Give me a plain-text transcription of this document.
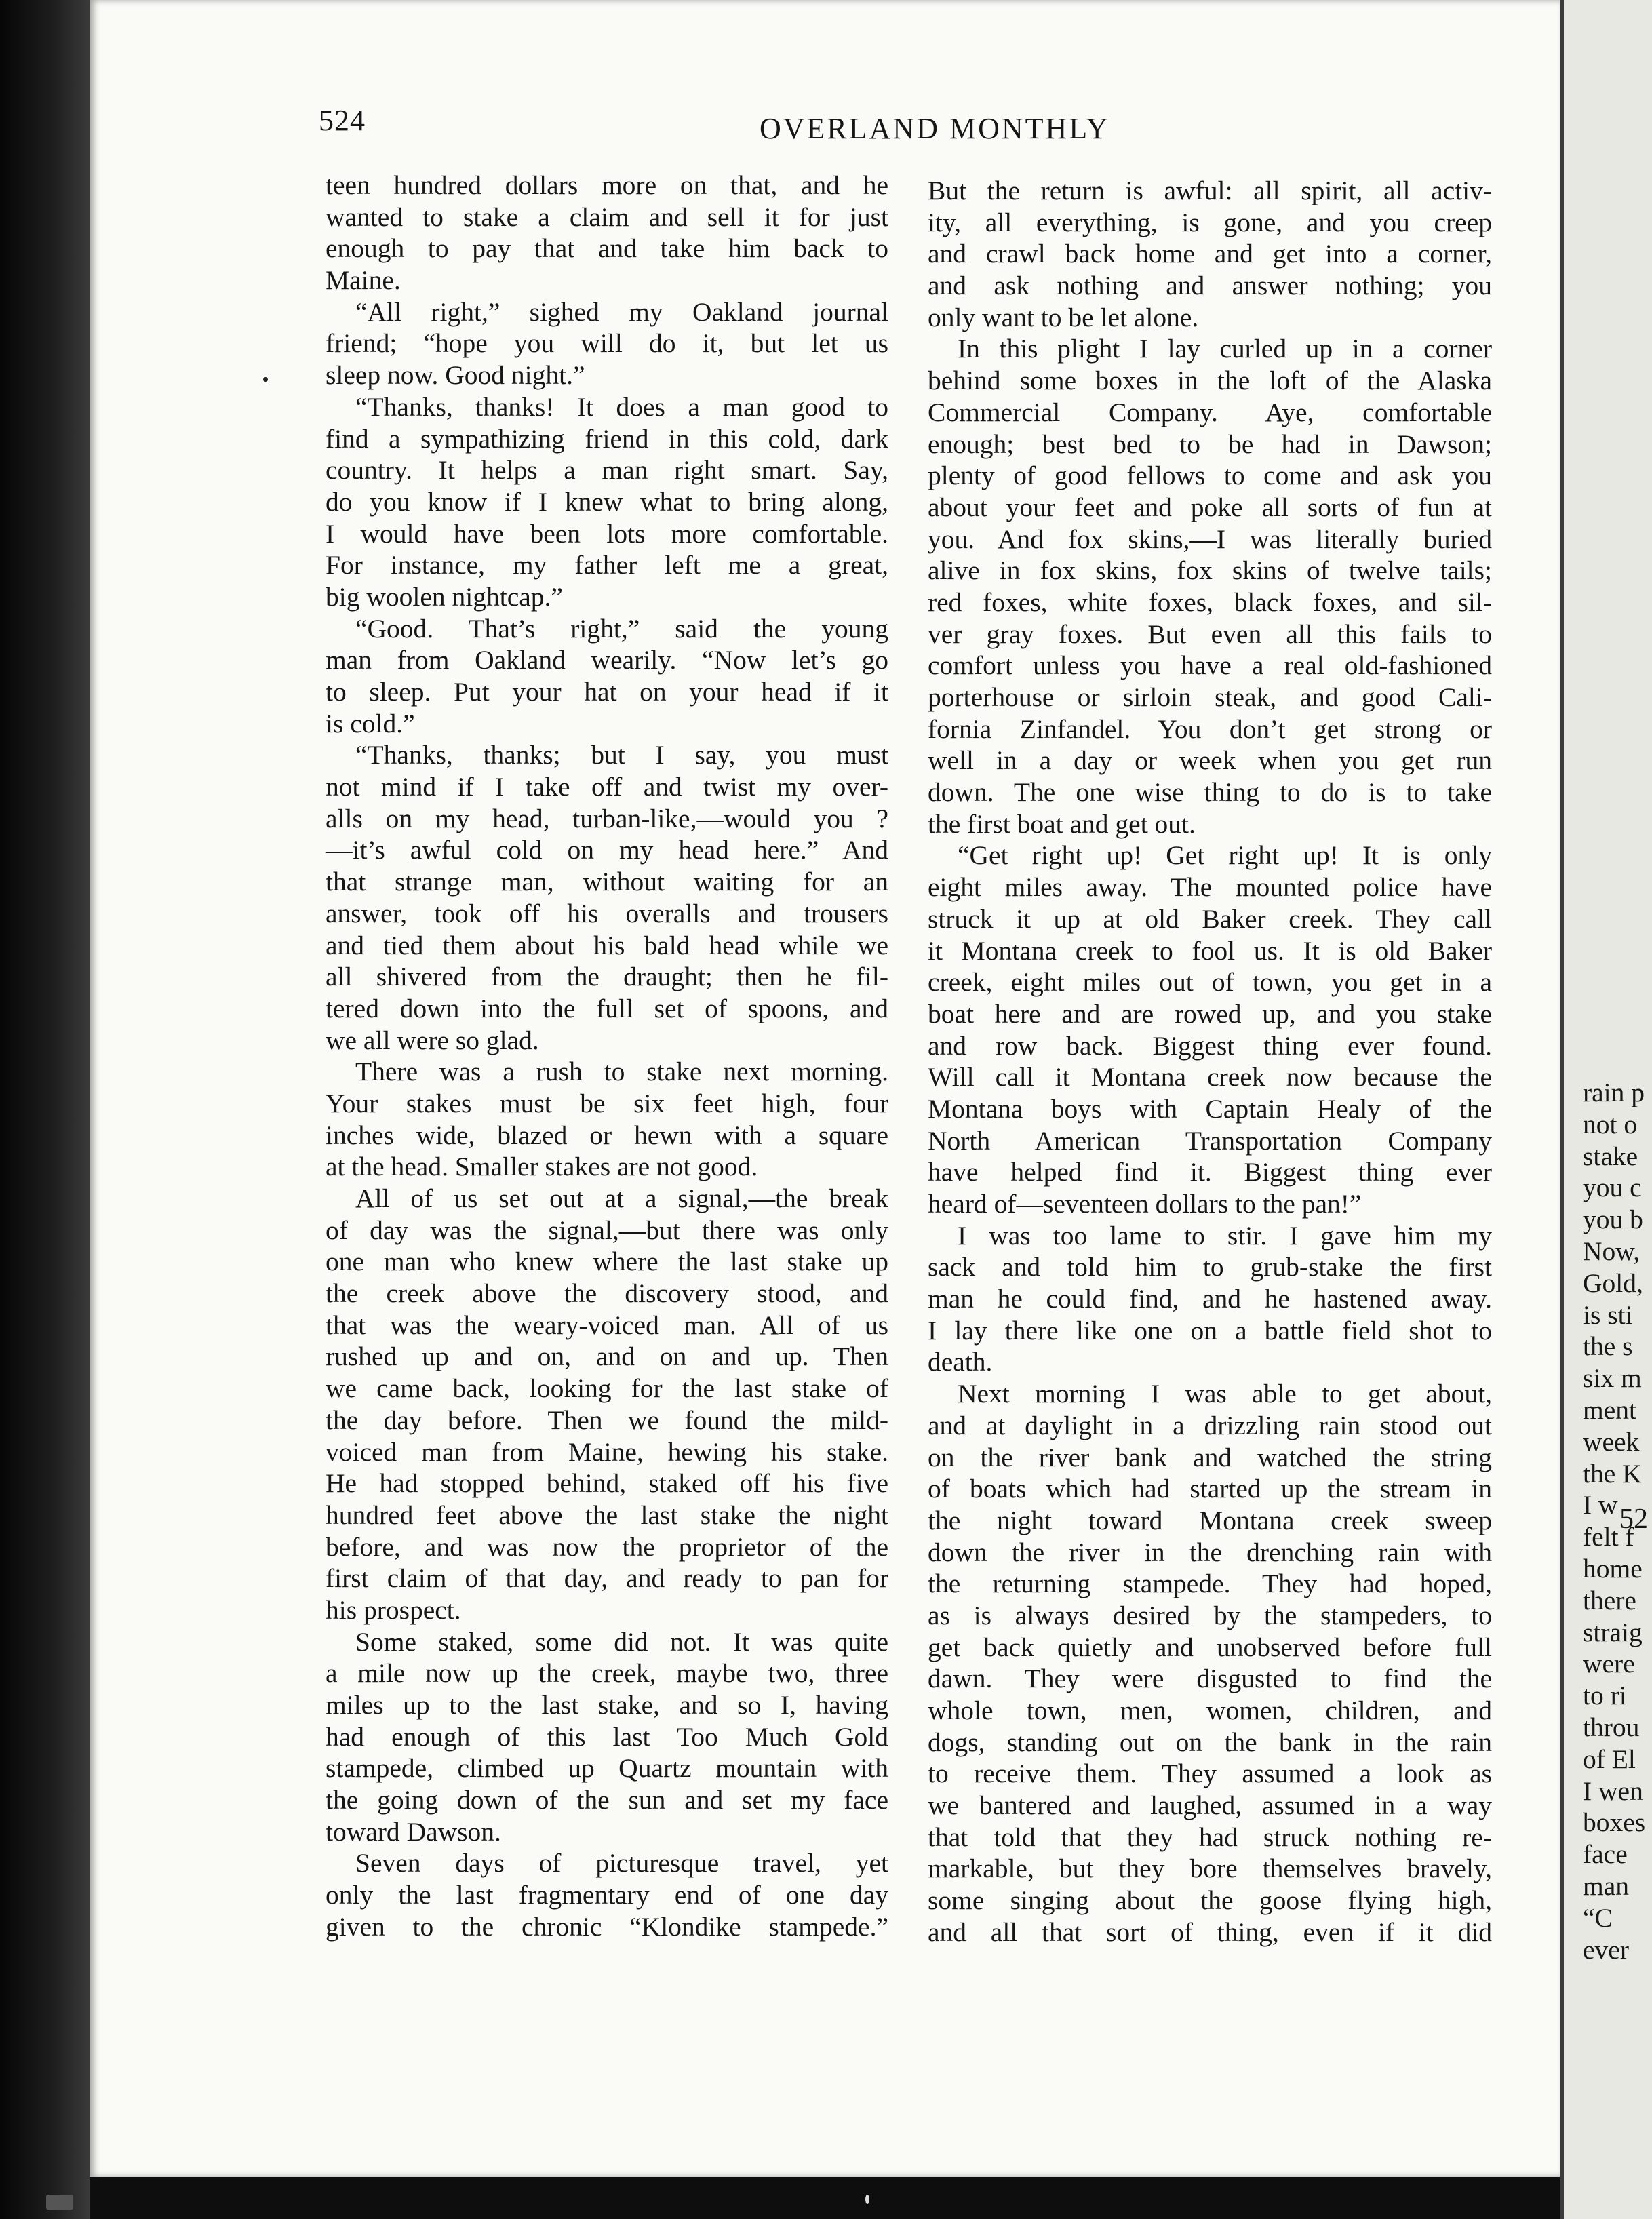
524	OVERLAND MONTHLY
teen hundred dollars more on that, and he
wanted to stake a claim and sell it for just
enough to pay that and take him back to
Maine.
“All right,” sighed my Oakland journal
friend; “hope you will do it, but let us
sleep now. Good night.”
“Thanks, thanks! It does a man good to
find a sympathizing friend in this cold, dark
country. It helps a man right smart. Say,
do you know if I knew what to bring along,
I would have been lots more comfortable.
For instance, my father left me a great,
big woolen nightcap.”
“Good. That’s right,” said the young
man from Oakland wearily. “Now let’s go
to sleep. Put your hat on your head if it
is cold.”
“Thanks, thanks; but I say, you must
not mind if I take off and twist my over-
alls on my head, turban-like,—would you ?
—it’s awful cold on my head here.” And
that strange man, without waiting for an
answer, took off his overalls and trousers
and tied them about his bald head while we
all shivered from the draught; then he fil-
tered down into the full set of spoons, and
we all were so glad.
There was a rush to stake next morning.
Your stakes must be six feet high, four
inches wide, blazed or hewn with a square
at the head. Smaller stakes are not good.
All of us set out at a signal,—the break
of day was the signal,—but there was only
one man who knew where the last stake up
the creek above the discovery stood, and
that was the weary-voiced man. All of us
rushed up and on, and on and up. Then
we came back, looking for the last stake of
the day before. Then we found the mild-
voiced man from Maine, hewing his stake.
He had stopped behind, staked off his five
hundred feet above the last stake the night
before, and was now the proprietor of the
first claim of that day, and ready to pan for
his prospect.
Some staked, some did not. It was quite
a mile now up the creek, maybe two, three
miles up to the last stake, and so I, having
had enough of this last Too Much Gold
stampede, climbed up Quartz mountain with
the going down of the sun and set my face
toward Dawson.
Seven days of picturesque travel, yet
only the last fragmentary end of one day
given to the chronic “Klondike stampede.”
But the return is awful: all spirit, all activ-
ity, all everything, is gone, and you creep
and crawl back home and get into a corner,
and ask nothing and answer nothing; you
only want to be let alone.
In this plight I lay curled up in a corner
behind some boxes in the loft of the Alaska
Commercial Company. Aye, comfortable
enough; best bed to be had in Dawson;
plenty of good fellows to come and ask you
about your feet and poke all sorts of fun at
you. And fox skins,—I was literally buried
alive in fox skins, fox skins of twelve tails;
red foxes, white foxes, black foxes, and sil-
ver gray foxes. But even all this fails to
comfort unless you have a real old-fashioned
porterhouse or sirloin steak, and good Cali-
fornia Zinfandel. You don’t get strong or
well in a day or week when you get run
down. The one wise thing to do is to take
the first boat and get out.
“Get right up! Get right up! It is only
eight miles away. The mounted police have
struck it up at old Baker creek. They call
it Montana creek to fool us. It is old Baker
creek, eight miles out of town, you get in a
boat here and are rowed up, and you stake
and row back. Biggest thing ever found.
Will call it Montana creek now because the
Montana boys with Captain Healy of the
North American Transportation Company
have helped find it. Biggest thing ever
heard of—seventeen dollars to the pan!”
I was too lame to stir. I gave him my
sack and told him to grub-stake the first
man he could find, and he hastened away.
I lay there like one on a battle field shot to
death.
Next morning I was able to get about,
and at daylight in a drizzling rain stood out
on the river bank and watched the string
of boats which had started up the stream in
the night toward Montana creek sweep
down the river in the drenching rain with
the returning stampede. They had hoped,
as is always desired by the stampeders, to
get back quietly and unobserved before full
dawn. They were disgusted to find the
whole town, men, women, children, and
dogs, standing out on the bank in the rain
to receive them. They assumed a look as
we bantered and laughed, assumed in a way
that told that they had struck nothing re-
markable, but they bore themselves bravely,
some singing about the goose flying high,
and all that sort of thing, even if it did
rain p
not o
stake
you c
you b
Now,
Gold,
is sti
the s
six m
ment
week
the K
I w
felt f
home
there
straig
were
to ri
throu
of El
I wen
boxes
face
man
“C
ever
52
